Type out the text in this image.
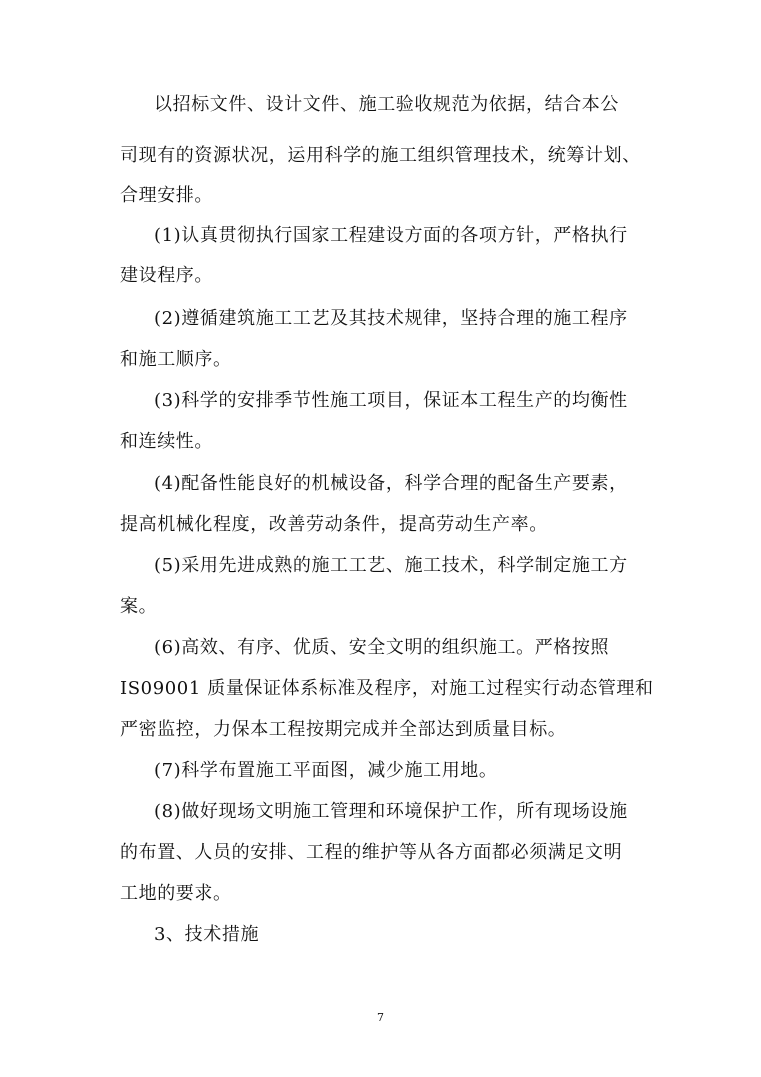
以招标文件、设计文件、施工验收规范为依据，结合本公
司现有的资源状况，运用科学的施工组织管理技术，统筹计划、
合理安排。
(1)认真贯彻执行国家工程建设方面的各项方针，严格执行
建设程序。
(2)遵循建筑施工工艺及其技术规律，坚持合理的施工程序
和施工顺序。
(3)科学的安排季节性施工项目，保证本工程生产的均衡性
和连续性。
(4)配备性能良好的机械设备，科学合理的配备生产要素，
提高机械化程度，改善劳动条件，提高劳动生产率。
(5)采用先进成熟的施工工艺、施工技术，科学制定施工方
案。
(6)高效、有序、优质、安全文明的组织施工。严格按照
IS09001 质量保证体系标准及程序，对施工过程实行动态管理和
严密监控，力保本工程按期完成并全部达到质量目标。
(7)科学布置施工平面图，减少施工用地。
(8)做好现场文明施工管理和环境保护工作，所有现场设施
的布置、人员的安排、工程的维护等从各方面都必须满足文明
工地的要求。
3、技术措施
7
